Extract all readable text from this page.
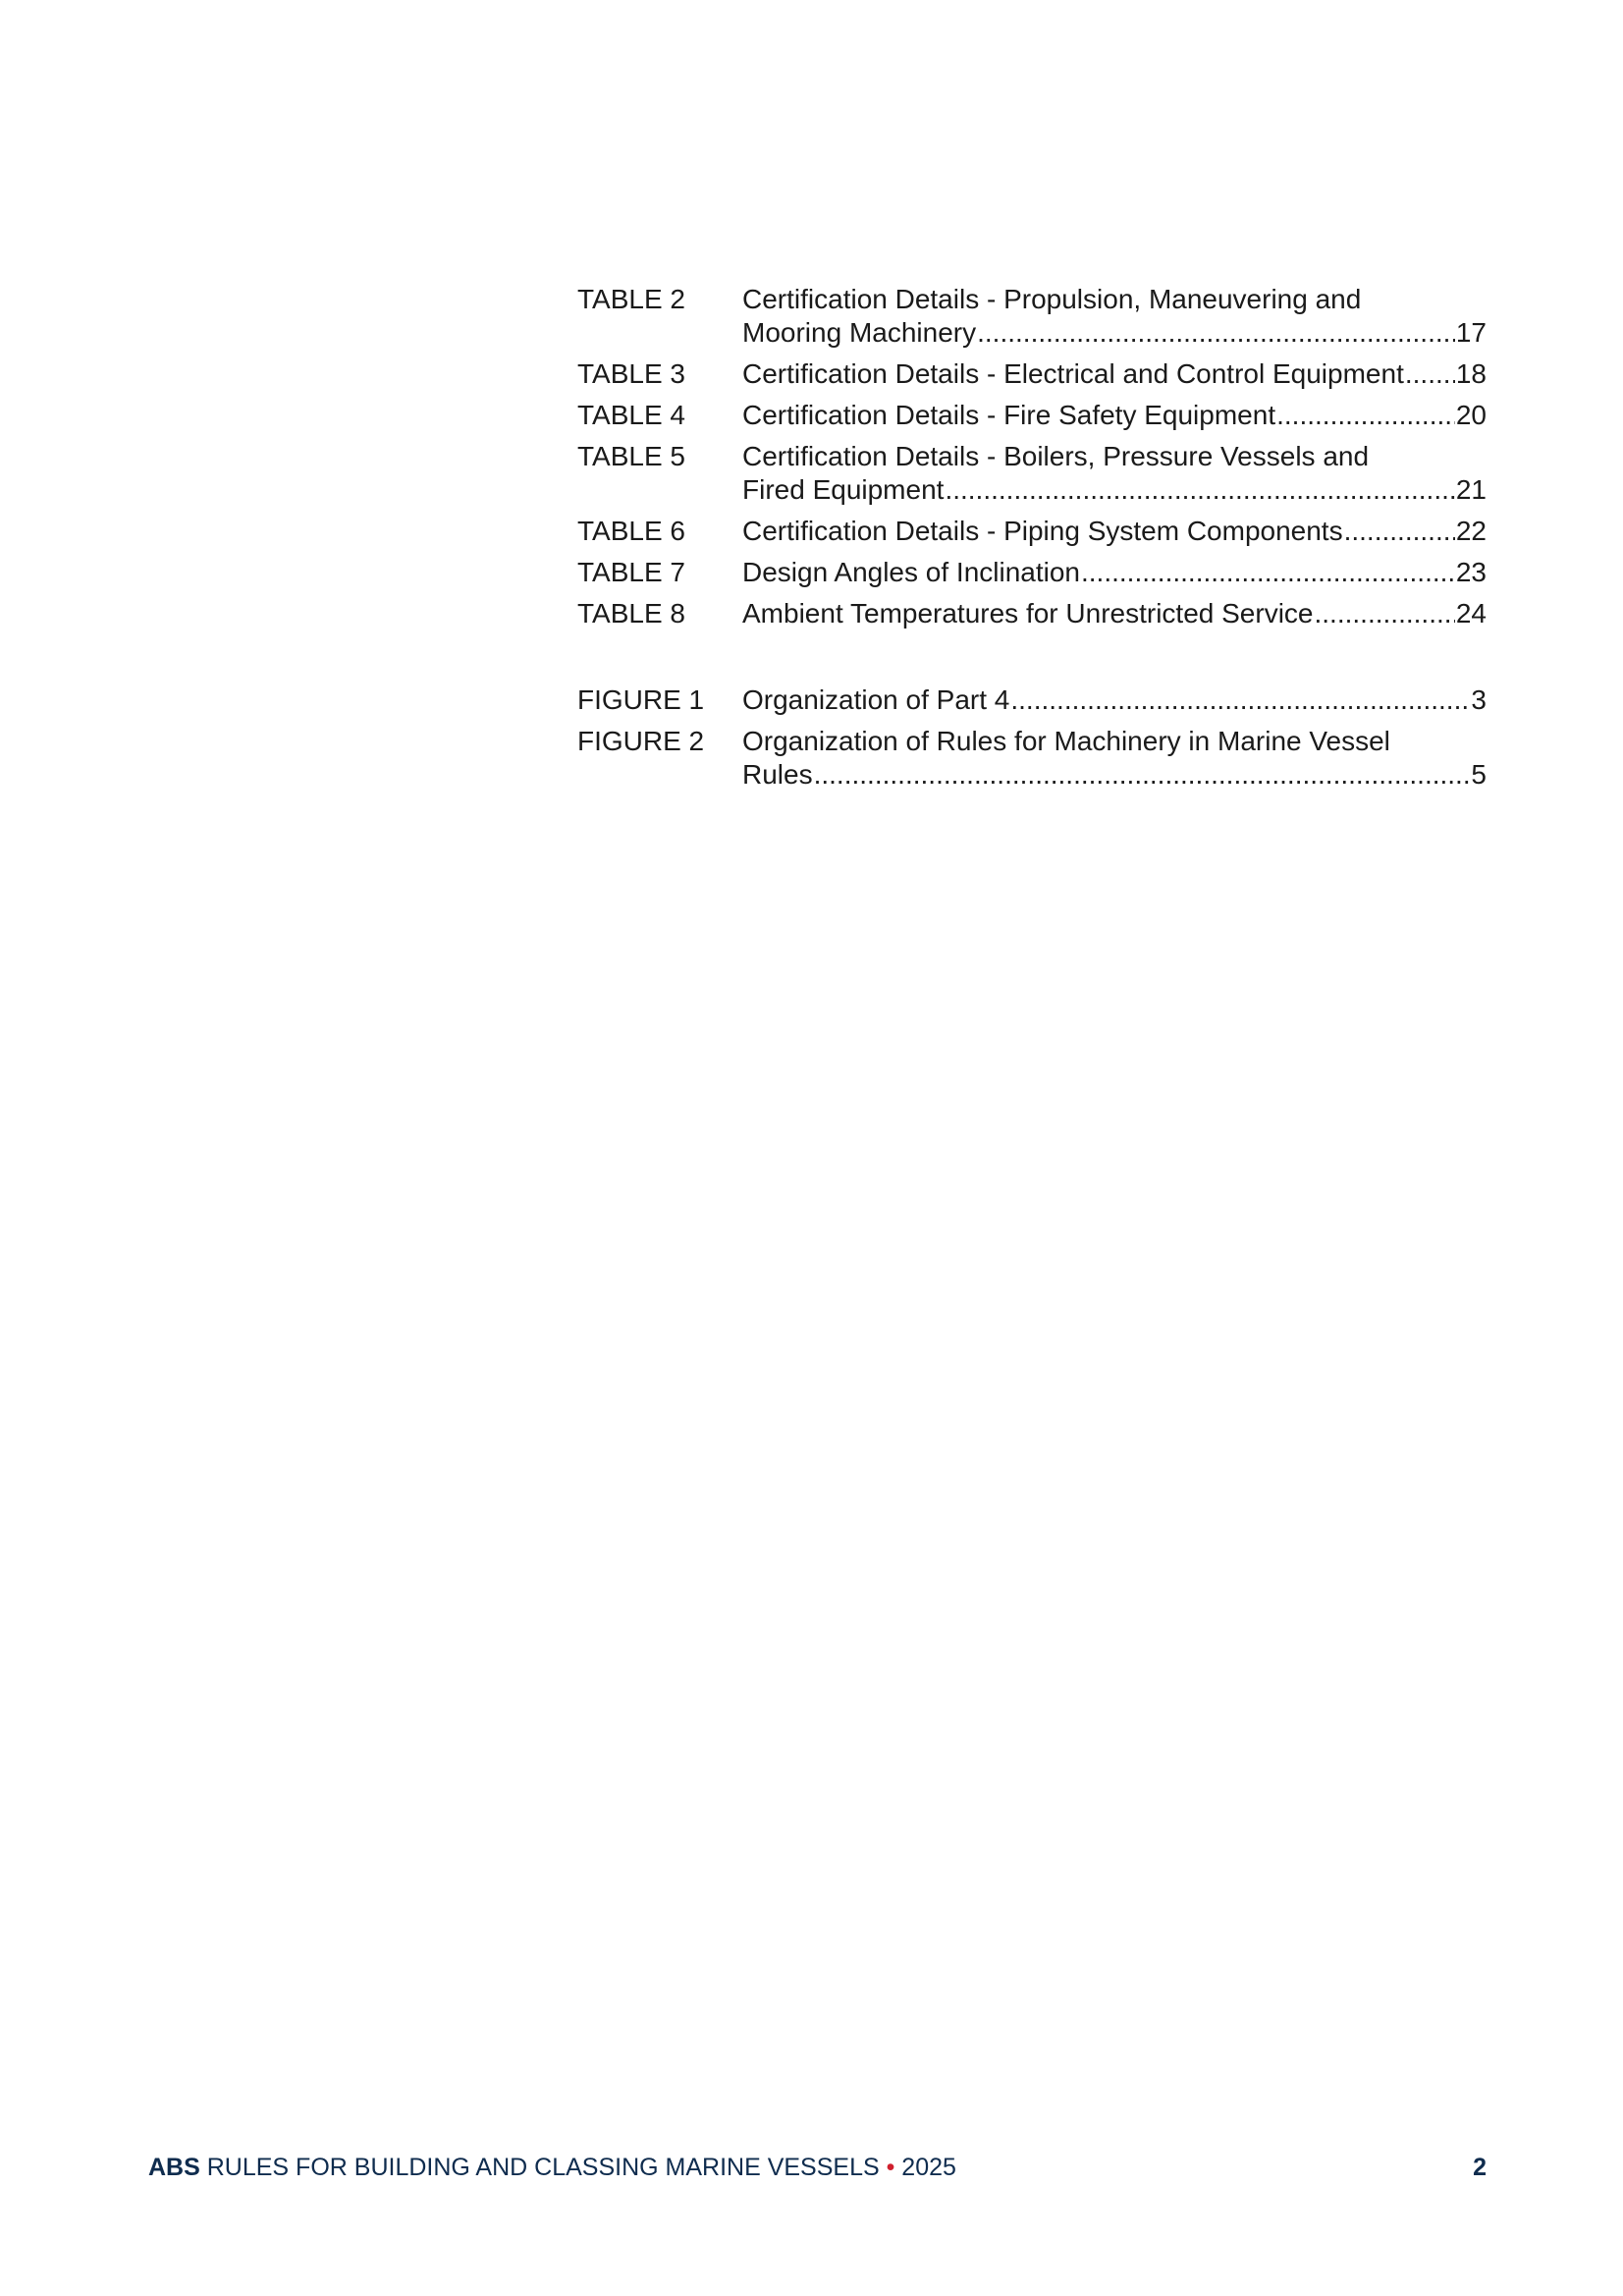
TABLE 2	Certification Details - Propulsion, Maneuvering and
Mooring Machinery .....	17
TABLE 3	Certification Details - Electrical and Control Equipment ..... 18
TABLE 4	Certification Details - Fire Safety Equipment .....	20
TABLE 5	Certification Details - Boilers, Pressure Vessels and
Fired Equipment .....	21
TABLE 6	Certification Details - Piping System Components .....	22
TABLE 7	Design Angles of Inclination .....	23
TABLE 8	Ambient Temperatures for Unrestricted Service .....	24
FIGURE 1	Organization of Part 4 .....	3
FIGURE 2	Organization of Rules for Machinery in Marine Vessel
Rules .....	5
ABS RULES FOR BUILDING AND CLASSING MARINE VESSELS • 2025	2
